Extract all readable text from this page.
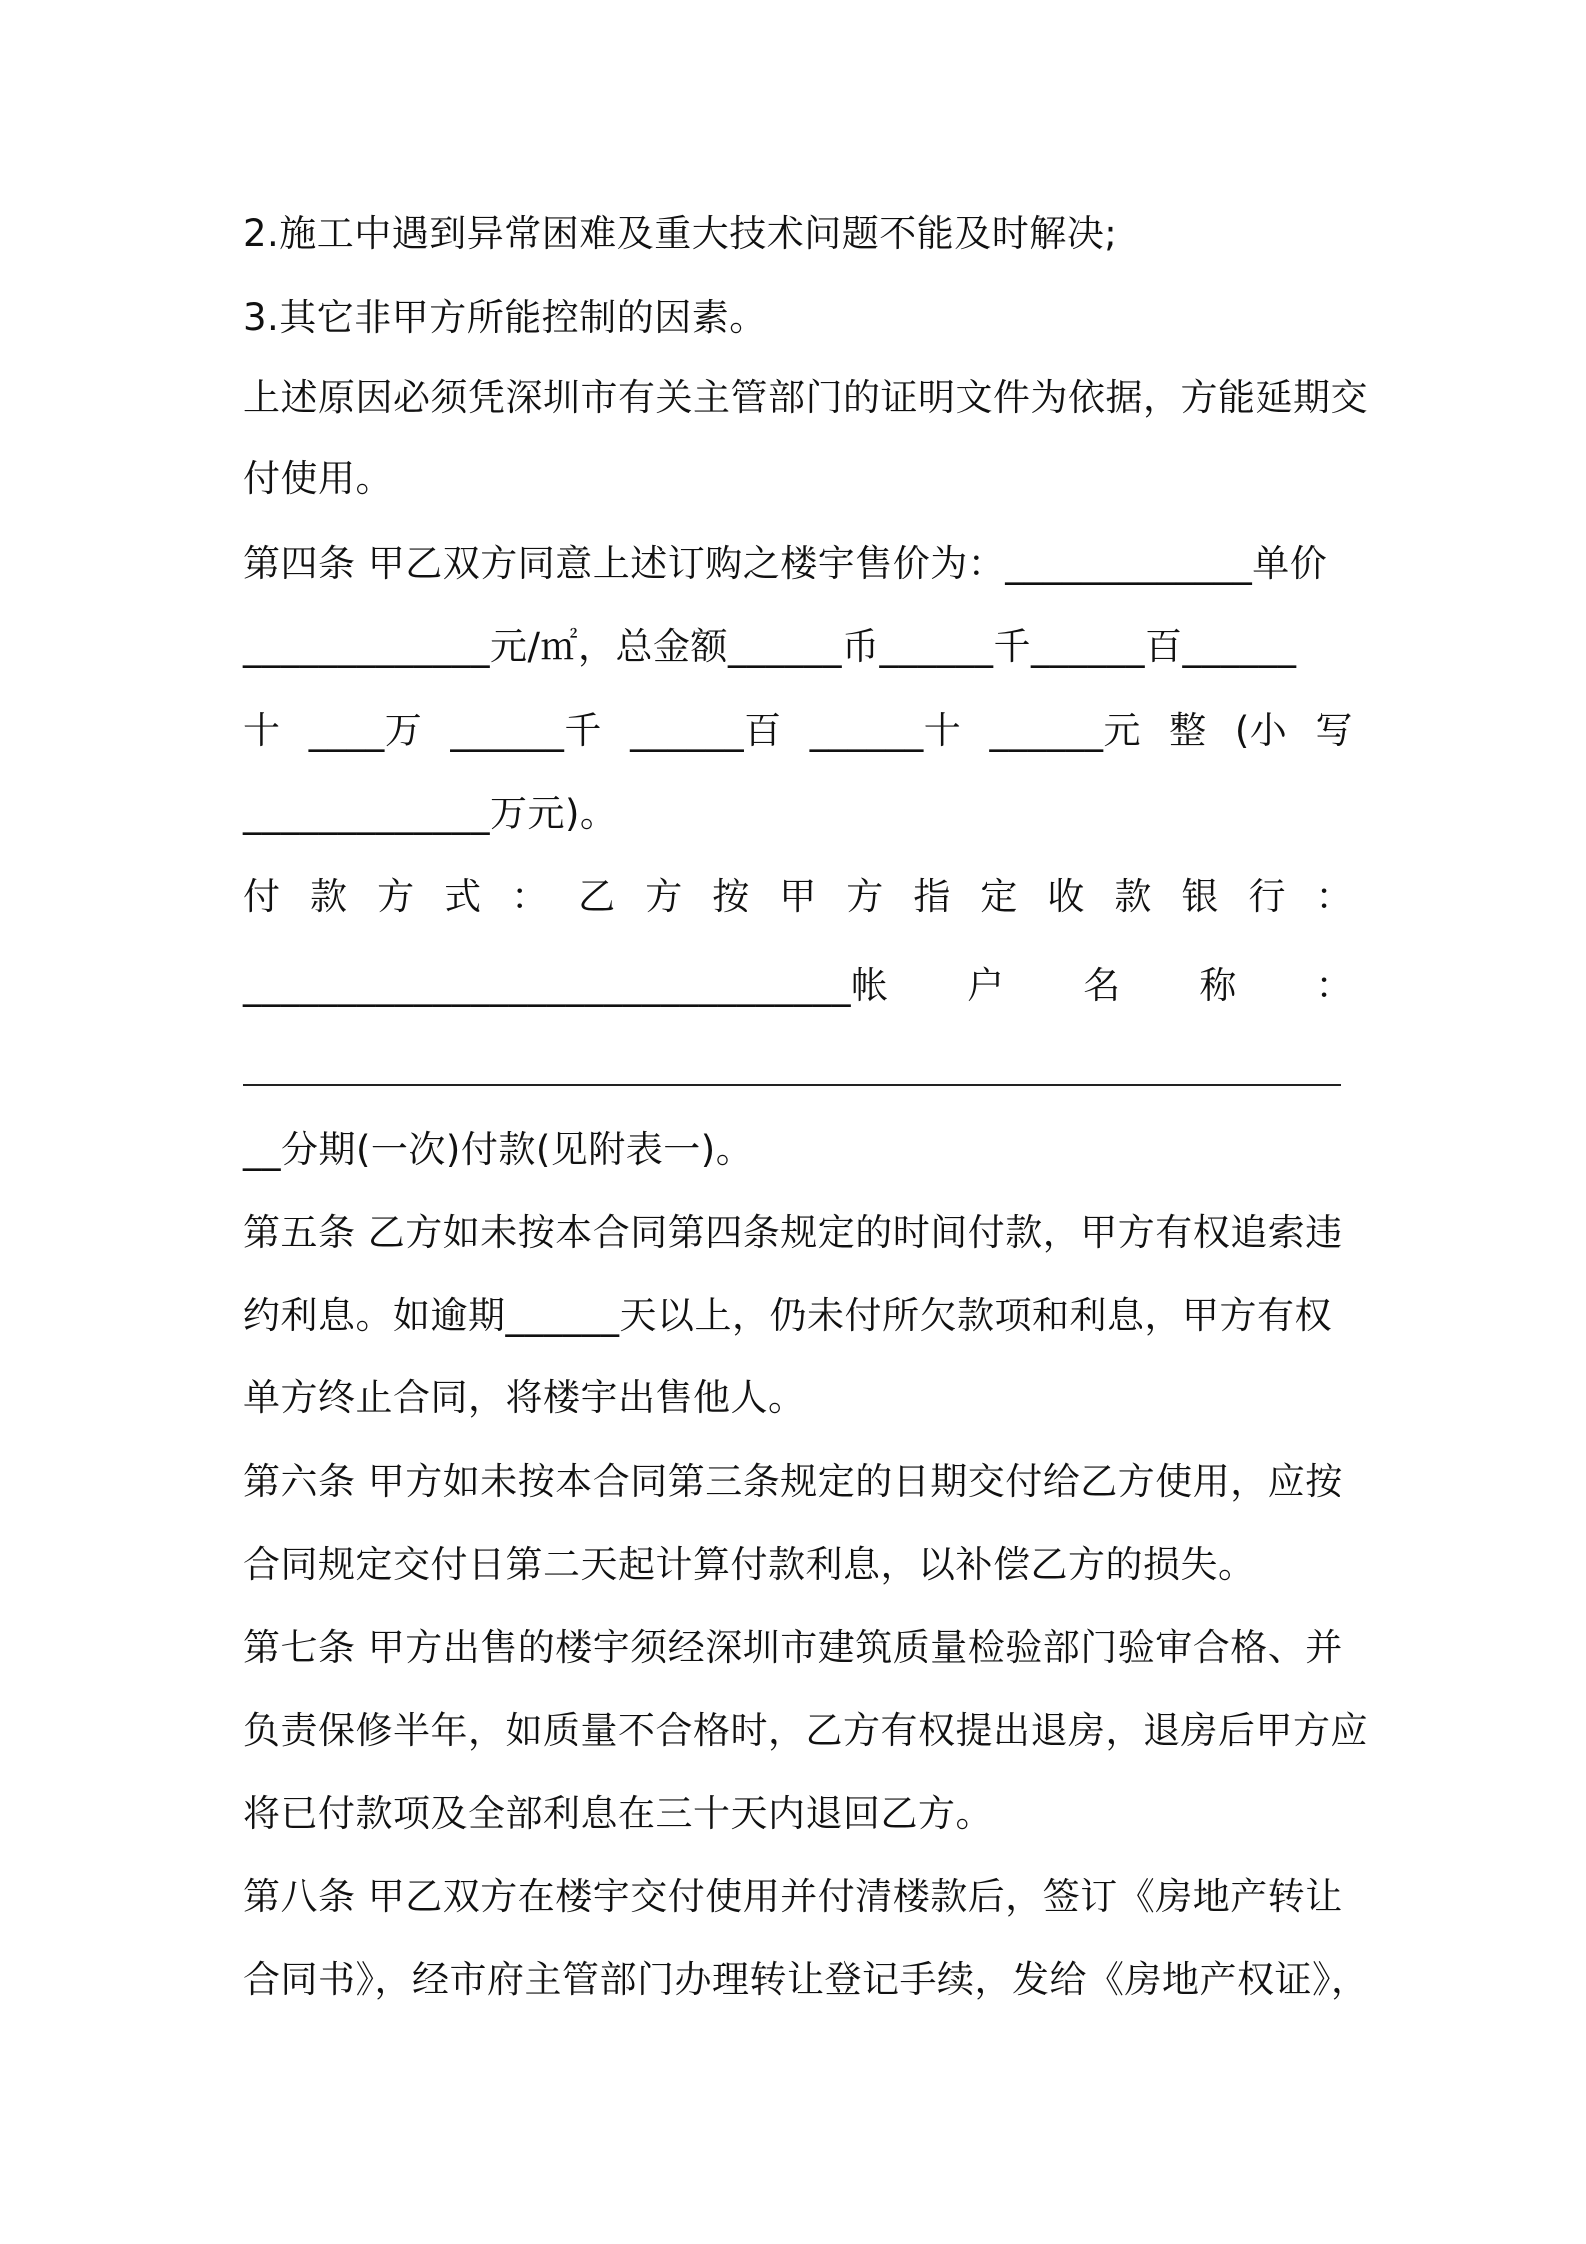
2.施工中遇到异常困难及重大技术问题不能及时解决;
3.其它非甲方所能控制的因素。
上述原因必须凭深圳市有关主管部门的证明文件为依据，方能延期交
付使用。
第四条 甲乙双方同意上述订购之楼宇售价为：_____________单价
_____________元/㎡，总金额______币______千______百______
十 ____万 ______千 ______百 ______十 ______元 整 (小 写
_____________万元)。
付 款 方 式 ： 乙 方 按 甲 方 指 定 收 款 银 行 ：
________________________________帐 户 名 称 ：
__分期(一次)付款(见附表一)。
第五条 乙方如未按本合同第四条规定的时间付款，甲方有权追索违
约利息。如逾期______天以上，仍未付所欠款项和利息，甲方有权
单方终止合同，将楼宇出售他人。
第六条 甲方如未按本合同第三条规定的日期交付给乙方使用，应按
合同规定交付日第二天起计算付款利息，以补偿乙方的损失。
第七条 甲方出售的楼宇须经深圳市建筑质量检验部门验审合格、并
负责保修半年，如质量不合格时，乙方有权提出退房，退房后甲方应
将已付款项及全部利息在三十天内退回乙方。
第八条 甲乙双方在楼宇交付使用并付清楼款后，签订《房地产转让
合同书》，经市府主管部门办理转让登记手续，发给《房地产权证》，
